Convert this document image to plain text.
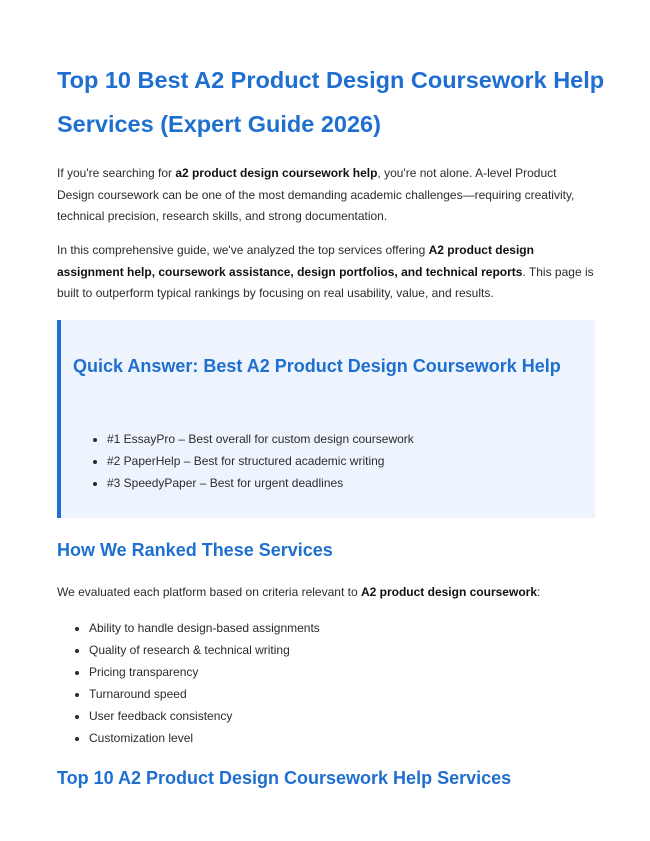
Top 10 Best A2 Product Design Coursework Help Services (Expert Guide 2026)

If you're searching for a2 product design coursework help, you're not alone. A-level Product Design coursework can be one of the most demanding academic challenges—requiring creativity, technical precision, research skills, and strong documentation.

In this comprehensive guide, we've analyzed the top services offering A2 product design assignment help, coursework assistance, design portfolios, and technical reports. This page is built to outperform typical rankings by focusing on real usability, value, and results.

Quick Answer: Best A2 Product Design Coursework Help
• #1 EssayPro – Best overall for custom design coursework
• #2 PaperHelp – Best for structured academic writing
• #3 SpeedyPaper – Best for urgent deadlines
How We Ranked These Services

We evaluated each platform based on criteria relevant to A2 product design coursework:

• Ability to handle design-based assignments
• Quality of research & technical writing
• Pricing transparency
• Turnaround speed
• User feedback consistency
• Customization level
Top 10 A2 Product Design Coursework Help Services
